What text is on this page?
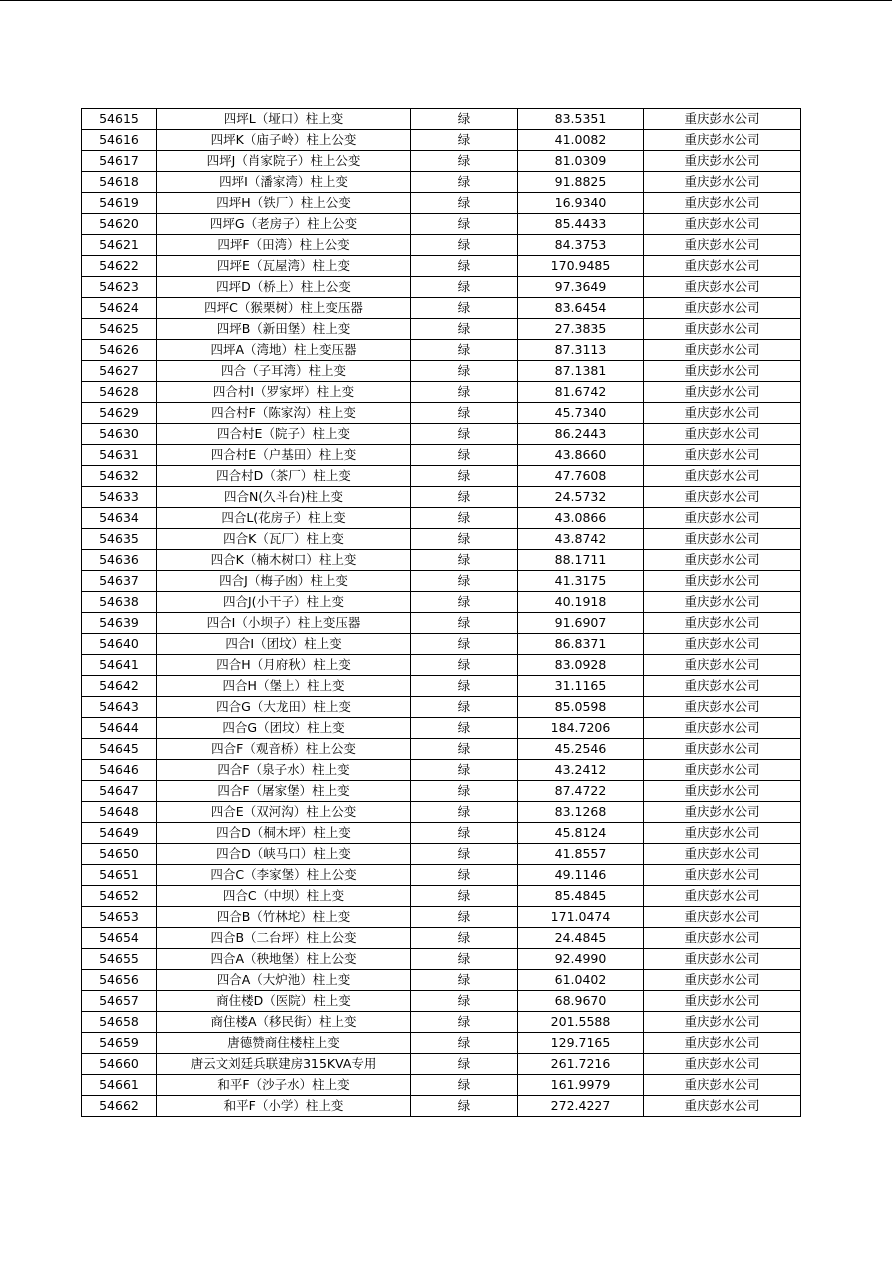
54615	四坪L（垭口）柱上变	绿	83.5351	重庆彭水公司
54616	四坪K（庙子岭）柱上公变	绿	41.0082	重庆彭水公司
54617	四坪J（肖家院子）柱上公变	绿	81.0309	重庆彭水公司
54618	四坪I（潘家湾）柱上变	绿	91.8825	重庆彭水公司
54619	四坪H（铁厂）柱上公变	绿	16.9340	重庆彭水公司
54620	四坪G（老房子）柱上公变	绿	85.4433	重庆彭水公司
54621	四坪F（田湾）柱上公变	绿	84.3753	重庆彭水公司
54622	四坪E（瓦屋湾）柱上变	绿	170.9485	重庆彭水公司
54623	四坪D（桥上）柱上公变	绿	97.3649	重庆彭水公司
54624	四坪C（猴栗树）柱上变压器	绿	83.6454	重庆彭水公司
54625	四坪B（新田堡）柱上变	绿	27.3835	重庆彭水公司
54626	四坪A（湾地）柱上变压器	绿	87.3113	重庆彭水公司
54627	四合（子耳湾）柱上变	绿	87.1381	重庆彭水公司
54628	四合村I（罗家坪）柱上变	绿	81.6742	重庆彭水公司
54629	四合村F（陈家沟）柱上变	绿	45.7340	重庆彭水公司
54630	四合村E（院子）柱上变	绿	86.2443	重庆彭水公司
54631	四合村E（户基田）柱上变	绿	43.8660	重庆彭水公司
54632	四合村D（茶厂）柱上变	绿	47.7608	重庆彭水公司
54633	四合N(久斗台)柱上变	绿	24.5732	重庆彭水公司
54634	四合L(花房子）柱上变	绿	43.0866	重庆彭水公司
54635	四合K（瓦厂）柱上变	绿	43.8742	重庆彭水公司
54636	四合K（楠木树口）柱上变	绿	88.1711	重庆彭水公司
54637	四合J（梅子凼）柱上变	绿	41.3175	重庆彭水公司
54638	四合J(小干子）柱上变	绿	40.1918	重庆彭水公司
54639	四合I（小坝子）柱上变压器	绿	91.6907	重庆彭水公司
54640	四合I（团坟）柱上变	绿	86.8371	重庆彭水公司
54641	四合H（月府秋）柱上变	绿	83.0928	重庆彭水公司
54642	四合H（堡上）柱上变	绿	31.1165	重庆彭水公司
54643	四合G（大龙田）柱上变	绿	85.0598	重庆彭水公司
54644	四合G（团坟）柱上变	绿	184.7206	重庆彭水公司
54645	四合F（观音桥）柱上公变	绿	45.2546	重庆彭水公司
54646	四合F（泉子水）柱上变	绿	43.2412	重庆彭水公司
54647	四合F（屠家堡）柱上变	绿	87.4722	重庆彭水公司
54648	四合E（双河沟）柱上公变	绿	83.1268	重庆彭水公司
54649	四合D（桐木坪）柱上变	绿	45.8124	重庆彭水公司
54650	四合D（峡马口）柱上变	绿	41.8557	重庆彭水公司
54651	四合C（李家堡）柱上公变	绿	49.1146	重庆彭水公司
54652	四合C（中坝）柱上变	绿	85.4845	重庆彭水公司
54653	四合B（竹林坨）柱上变	绿	171.0474	重庆彭水公司
54654	四合B（二台坪）柱上公变	绿	24.4845	重庆彭水公司
54655	四合A（秧地堡）柱上公变	绿	92.4990	重庆彭水公司
54656	四合A（大炉池）柱上变	绿	61.0402	重庆彭水公司
54657	商住楼D（医院）柱上变	绿	68.9670	重庆彭水公司
54658	商住楼A（移民街）柱上变	绿	201.5588	重庆彭水公司
54659	唐德赞商住楼柱上变	绿	129.7165	重庆彭水公司
54660	唐云文刘廷兵联建房315KVA专用	绿	261.7216	重庆彭水公司
54661	和平F（沙子水）柱上变	绿	161.9979	重庆彭水公司
54662	和平F（小学）柱上变	绿	272.4227	重庆彭水公司
